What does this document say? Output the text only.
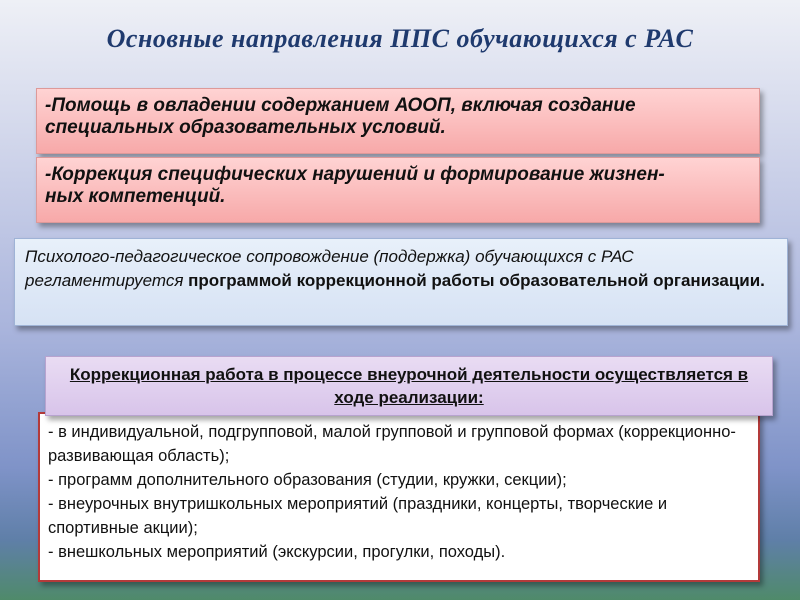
Основные направления ППС обучающихся с РАС
-Помощь в овладении содержанием АООП, включая создание
специальных образовательных условий.
-Коррекция специфических нарушений и формирование жизнен-
ных компетенций.
Психолого-педагогическое сопровождение (поддержка) обучающихся с РАС регламентируется программой коррекционной работы образовательной организации.
Коррекционная работа в процессе внеурочной деятельности осуществляется в ходе реализации:
- в индивидуальной, подгрупповой, малой групповой и групповой формах (коррекционно-развивающая область);
- программ дополнительного образования (студии, кружки, секции);
- внеурочных внутришкольных мероприятий (праздники, концерты, творческие и спортивные акции);
- внешкольных мероприятий (экскурсии, прогулки, походы).
